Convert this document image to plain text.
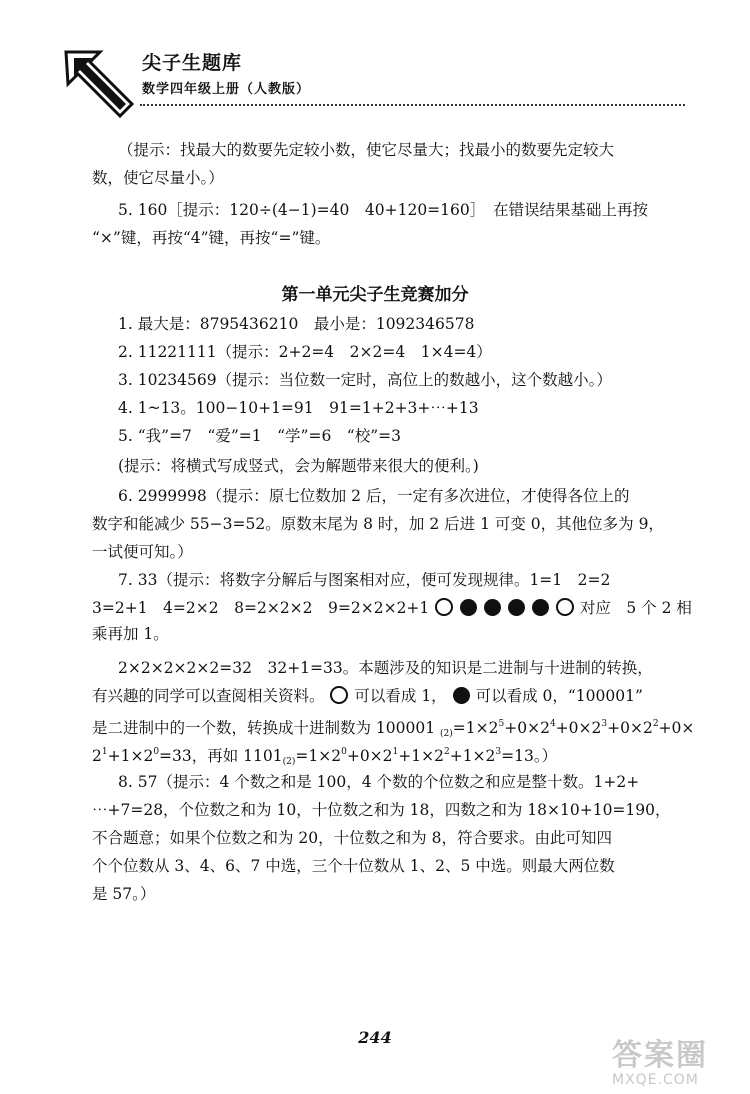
尖子生题库
数学四年级上册（人教版）
（提示：找最大的数要先定较小数，使它尽量大；找最小的数要先定较大
数，使它尽量小。）
5. 160［提示：120÷(4−1)=40　40+120=160］　在错误结果基础上再按
“×”键，再按“4”键，再按“=”键。
第一单元尖子生竞赛加分
1. 最大是：8795436210　最小是：1092346578
2. 11221111（提示：2+2=4　2×2=4　1×4=4）
3. 10234569（提示：当位数一定时，高位上的数越小，这个数越小。）
4. 1~13。100−10+1=91　91=1+2+3+⋯+13
5. “我”=7　“爱”=1　“学”=6　“校”=3
(提示：将横式写成竖式，会为解题带来很大的便利。)
6. 2999998（提示：原七位数加 2 后，一定有多次进位，才使得各位上的
数字和能减少 55−3=52。原数末尾为 8 时，加 2 后进 1 可变 0，其他位多为 9，
一试便可知。）
7. 33（提示：将数字分解后与图案相对应，便可发现规律。1=1　2=2
3=2+1　4=2×2　8=2×2×2　9=2×2×2+1	对应　5 个 2 相
乘再加 1。
2×2×2×2×2=32　32+1=33。本题涉及的知识是二进制与十进制的转换，
有兴趣的同学可以查阅相关资料。 可以看成 1， 可以看成 0，“100001”
是二进制中的一个数，转换成十进制数为 100001 $_{(2)}=1\times 2^5+0\times 2^4+0\times 2^3+0\times 2^2+0\times$
$2^1+1\times 2^0=33$，再如 $1101_{(2)}=1\times 2^0+0\times 2^1+1\times 2^2+1\times 2^3=13$。）
8. 57（提示：4 个数之和是 100，4 个数的个位数之和应是整十数。1+2+
⋯+7=28，个位数之和为 10，十位数之和为 18，四数之和为 18×10+10=190，
不合题意；如果个位数之和为 20，十位数之和为 8，符合要求。由此可知四
个个位数从 3、4、6、7 中选，三个十位数从 1、2、5 中选。则最大两位数
是 57。）
244
答案圈
MXQE.COM
